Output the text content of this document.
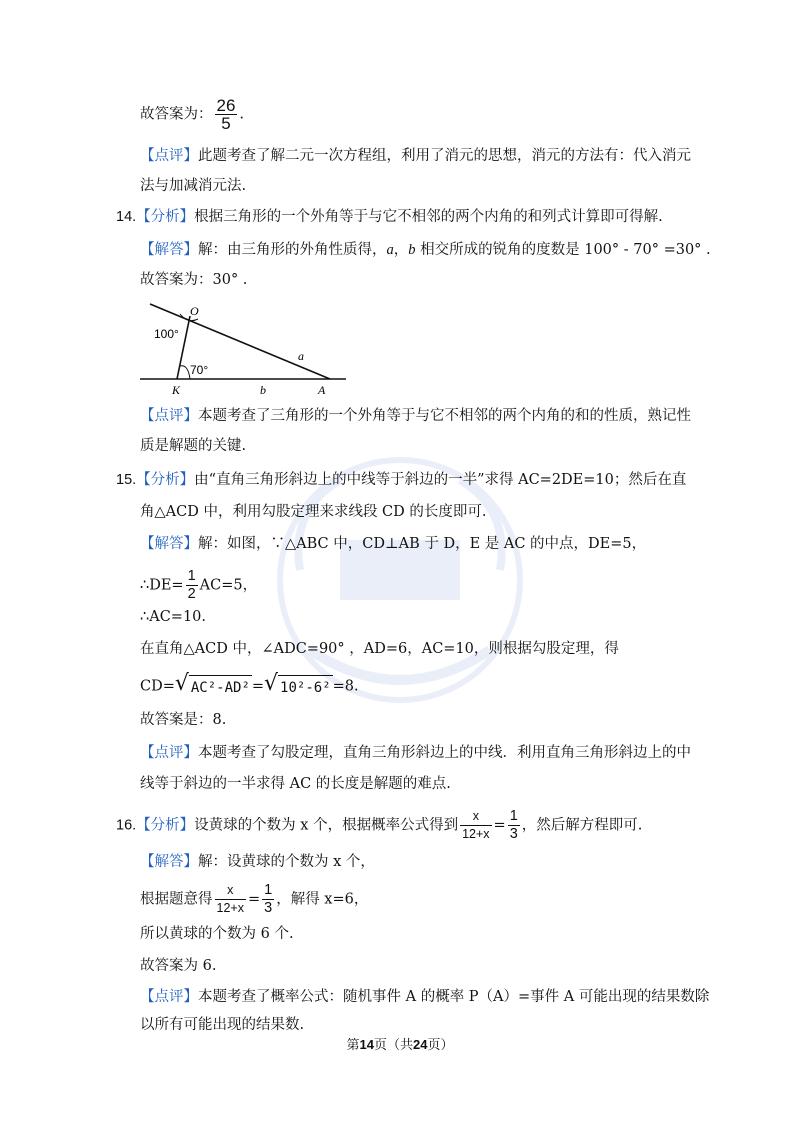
故答案为： $\frac{26}{5}$ .
【点评】此题考查了解二元一次方程组，利用了消元的思想，消元的方法有：代入消元
法与加减消元法.
14.【分析】根据三角形的一个外角等于与它不相邻的两个内角的和列式计算即可得解.
【解答】解：由三角形的外角性质得，a，b 相交所成的锐角的度数是 100° - 70° =30° .
故答案为：30° .
O
100°
70°
a
K	b	A
【点评】本题考查了三角形的一个外角等于与它不相邻的两个内角的和的性质，熟记性
质是解题的关键.
15.【分析】由“直角三角形斜边上的中线等于斜边的一半”求得 AC=2DE=10；然后在直
角△ACD 中，利用勾股定理来求线段 CD 的长度即可.
【解答】解：如图，∵△ABC 中，CD⊥AB 于 D，E 是 AC 的中点，DE=5，
∴DE= $\frac{1}{2} AC=5$，
∴AC=10.
在直角△ACD 中，∠ADC=90° ，AD=6，AC=10，则根据勾股定理，得
CD= √ AC²-AD² = √ 10²-6² =8.
故答案是：8.
【点评】本题考查了勾股定理，直角三角形斜边上的中线．利用直角三角形斜边上的中
线等于斜边的一半求得 AC 的长度是解题的难点.
16.【分析】设黄球的个数为 x 个，根据概率公式得到 $\frac{x}{12+x} = \frac{1}{3}$ ，然后解方程即可.
【解答】解：设黄球的个数为 x 个，
根据题意得 $\frac{x}{12+x} = \frac{1}{3}$ ，解得 x=6，
所以黄球的个数为 6 个.
故答案为 6.
【点评】本题考查了概率公式：随机事件 A 的概率 P（A）=事件 A 可能出现的结果数除
以所有可能出现的结果数.
第14页（共24页）
